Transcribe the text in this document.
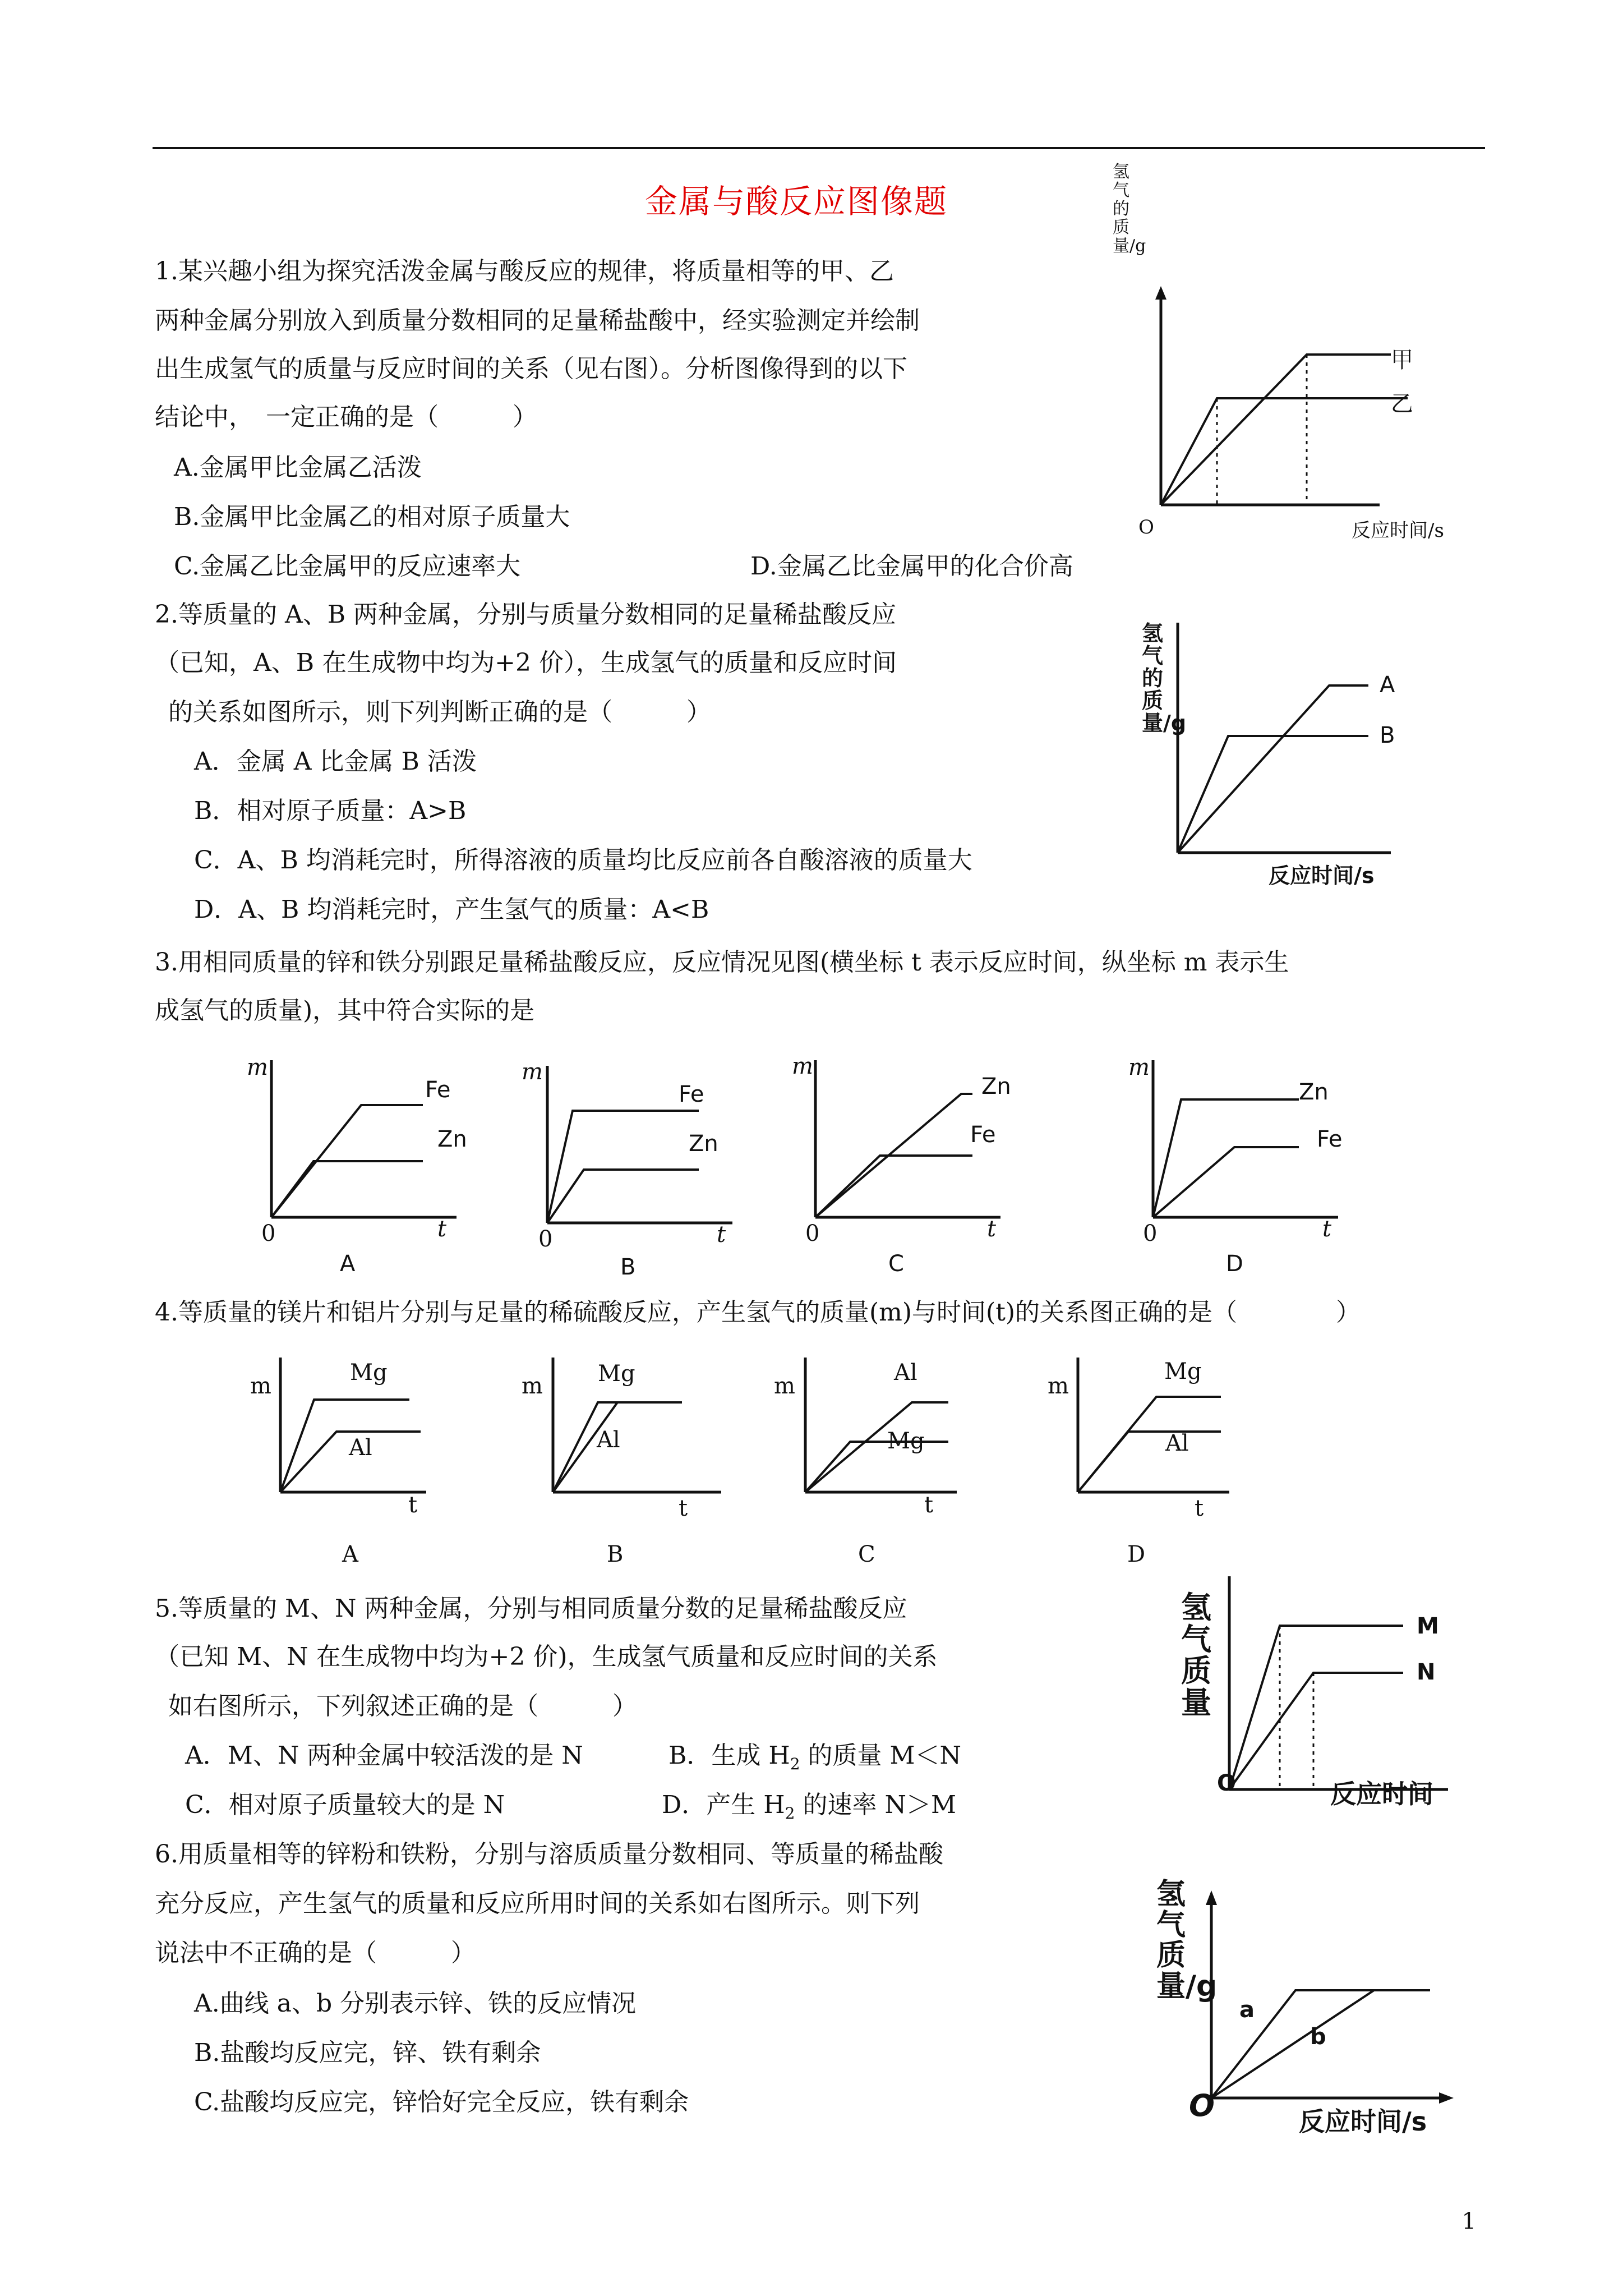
金属与酸反应图像题
1.某兴趣小组为探究活泼金属与酸反应的规律，将质量相等的甲、乙
两种金属分别放入到质量分数相同的足量稀盐酸中，经实验测定并绘制
出生成氢气的质量与反应时间的关系（见右图）。分析图像得到的以下
结论中，　一定正确的是（　　　）
A.金属甲比金属乙活泼
B.金属甲比金属乙的相对原子质量大
C.金属乙比金属甲的反应速率大	D.金属乙比金属甲的化合价高
氢气的质量/g
甲
乙
O	反应时间/s
2.等质量的 A、B 两种金属，分别与质量分数相同的足量稀盐酸反应
（已知，A、B 在生成物中均为+2 价），生成氢气的质量和反应时间
的关系如图所示，则下列判断正确的是（　　　）
A．金属 A 比金属 B 活泼
B．相对原子质量：A>B
C．A、B 均消耗完时，所得溶液的质量均比反应前各自酸溶液的质量大
D．A、B 均消耗完时，产生氢气的质量：A<B
氢气的质量/g
A
B
反应时间/s
3.用相同质量的锌和铁分别跟足量稀盐酸反应，反应情况见图(横坐标 t 表示反应时间，纵坐标 m 表示生
成氢气的质量)，其中符合实际的是
m
Fe
Zn
0	t
A
m
Fe
Zn
0	t
B
m
Zn
Fe
0	t
C
m
Zn
Fe
0	t
D
4.等质量的镁片和铝片分别与足量的稀硫酸反应，产生氢气的质量(m)与时间(t)的关系图正确的是（　　　　）
m
Mg
Al
t
A
m Mg
Al
t
B
m
Al
Mg
t
C
m
Mg
Al
t
D
5.等质量的 M、N 两种金属，分别与相同质量分数的足量稀盐酸反应
（已知 M、N 在生成物中均为+2 价)，生成氢气质量和反应时间的关系
如右图所示，下列叙述正确的是（　　　）
A．M、N 两种金属中较活泼的是 N	B．生成 $H_2$ 的质量 M＜N
C．相对原子质量较大的是 N	D．产生 $H_2$ 的速率 N＞M
氢气质量
M
N
O	反应时间
6.用质量相等的锌粉和铁粉，分别与溶质质量分数相同、等质量的稀盐酸
充分反应，产生氢气的质量和反应所用时间的关系如右图所示。则下列
说法中不正确的是（　　　）
A.曲线 a、b 分别表示锌、铁的反应情况
B.盐酸均反应完，锌、铁有剩余
C.盐酸均反应完，锌恰好完全反应，铁有剩余
氢气质量/g
a
b
O	反应时间/s
1
